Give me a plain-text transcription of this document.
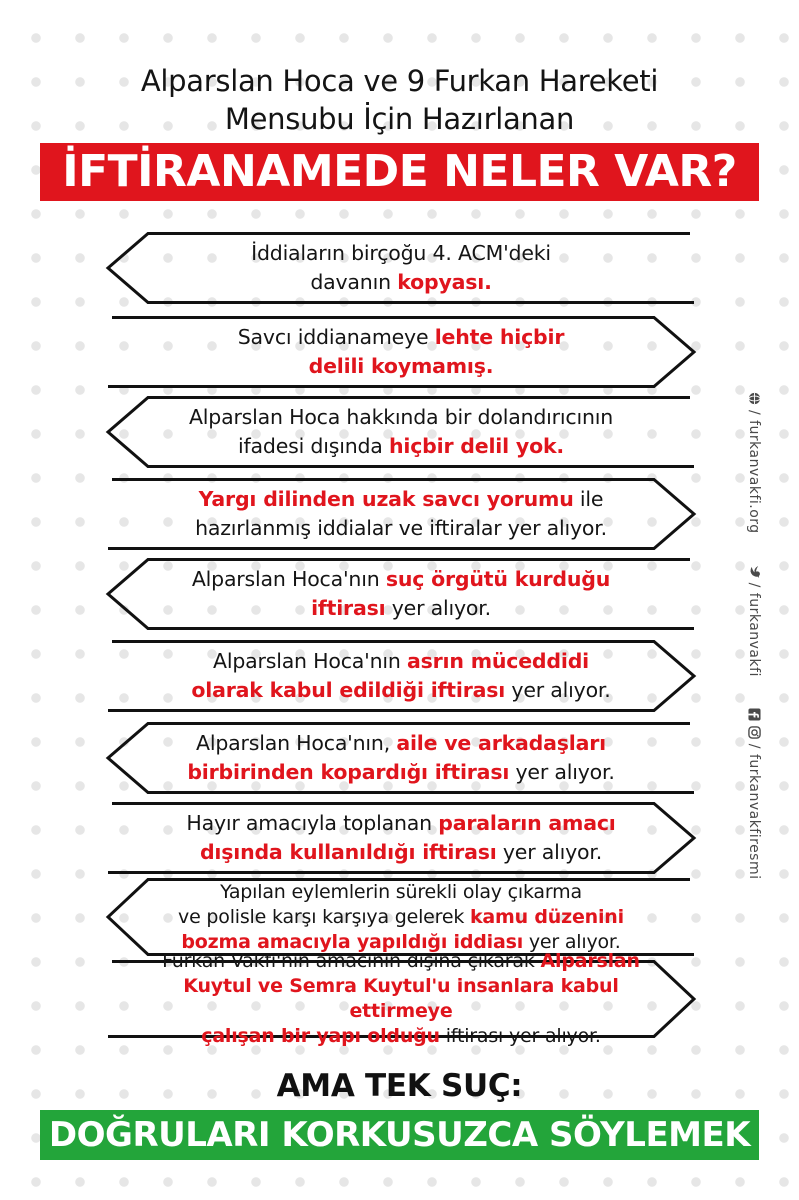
Alparslan Hoca ve 9 Furkan Hareketi
Mensubu İçin Hazırlanan
İFTİRANAMEDE NELER VAR?
İddiaların birçoğu 4. ACM'deki
davanın kopyası.
Savcı iddianameye lehte hiçbir
delili koymamış.
Alparslan Hoca hakkında bir dolandırıcının
ifadesi dışında hiçbir delil yok.
Yargı dilinden uzak savcı yorumu ile
hazırlanmış iddialar ve iftiralar yer alıyor.
Alparslan Hoca'nın suç örgütü kurduğu
iftirası yer alıyor.
Alparslan Hoca'nın asrın müceddidi
olarak kabul edildiği iftirası yer alıyor.
Alparslan Hoca'nın, aile ve arkadaşları
birbirinden kopardığı iftirası yer alıyor.
Hayır amacıyla toplanan paraların amacı
dışında kullanıldığı iftirası yer alıyor.
Yapılan eylemlerin sürekli olay çıkarma
ve polisle karşı karşıya gelerek kamu düzenini
bozma amacıyla yapıldığı iddiası yer alıyor.
Furkan Vakfı'nın amacının dışına çıkarak Alparslan
Kuytul ve Semra Kuytul'u insanlara kabul ettirmeye
çalışan bir yapı olduğu iftirası yer alıyor.
/ furkanvakfi.org  / furkanvakfi   / furkanvakfiresmi
AMA TEK SUÇ:
DOĞRULARI KORKUSUZCA SÖYLEMEK
